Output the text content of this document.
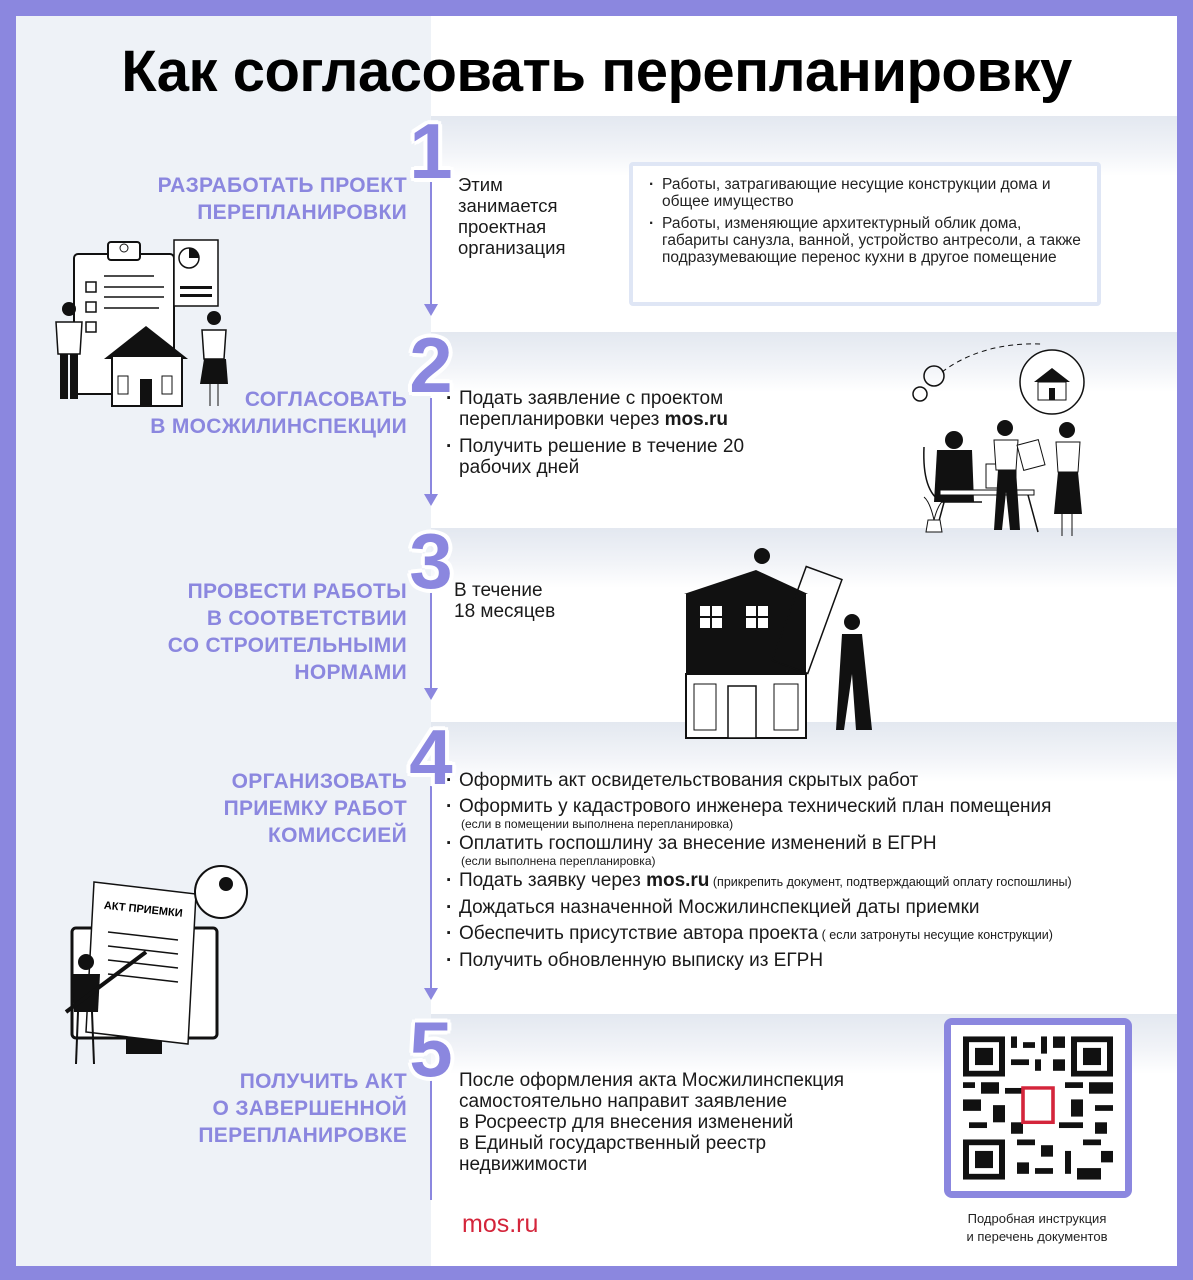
Как согласовать перепланировку
1
2
3
4
5
РАЗРАБОТАТЬ ПРОЕКТ
ПЕРЕПЛАНИРОВКИ
Этим
занимается
проектная
организация
· Работы, затрагивающие несущие конструкции дома и общее имущество
· Работы, изменяющие архитектурный облик дома, габариты санузла, ванной, устройство антресоли, а также подразумевающие перенос кухни в другое помещение
СОГЛАСОВАТЬ
В МОСЖИЛИНСПЕКЦИИ
· Подать заявление с проектом перепланировки через mos.ru
· Получить решение в течение 20 рабочих дней
ПРОВЕСТИ РАБОТЫ
В СООТВЕТСТВИИ
СО СТРОИТЕЛЬНЫМИ
НОРМАМИ
В течение
18 месяцев
ОРГАНИЗОВАТЬ
ПРИЕМКУ РАБОТ
КОМИССИЕЙ
· Оформить акт освидетельствования скрытых работ
· Оформить у кадастрового инженера технический план помещения
(если в помещении выполнена перепланировка)
· Оплатить госпошлину за внесение изменений в ЕГРН
(если выполнена перепланировка)
· Подать заявку через mos.ru (прикрепить документ, подтверждающий оплату госпошлины)
· Дождаться назначенной Мосжилинспекцией даты приемки
· Обеспечить присутствие автора проекта ( если затронуты несущие конструкции)
· Получить обновленную выписку из ЕГРН
АКТ ПРИЕМКИ
ПОЛУЧИТЬ АКТ
О ЗАВЕРШЕННОЙ
ПЕРЕПЛАНИРОВКЕ
После оформления акта Мосжилинспекция
самостоятельно направит заявление
в Росреестр для внесения изменений
в Единый государственный реестр
недвижимости
Подробная инструкция
и перечень документов
mos.ru
